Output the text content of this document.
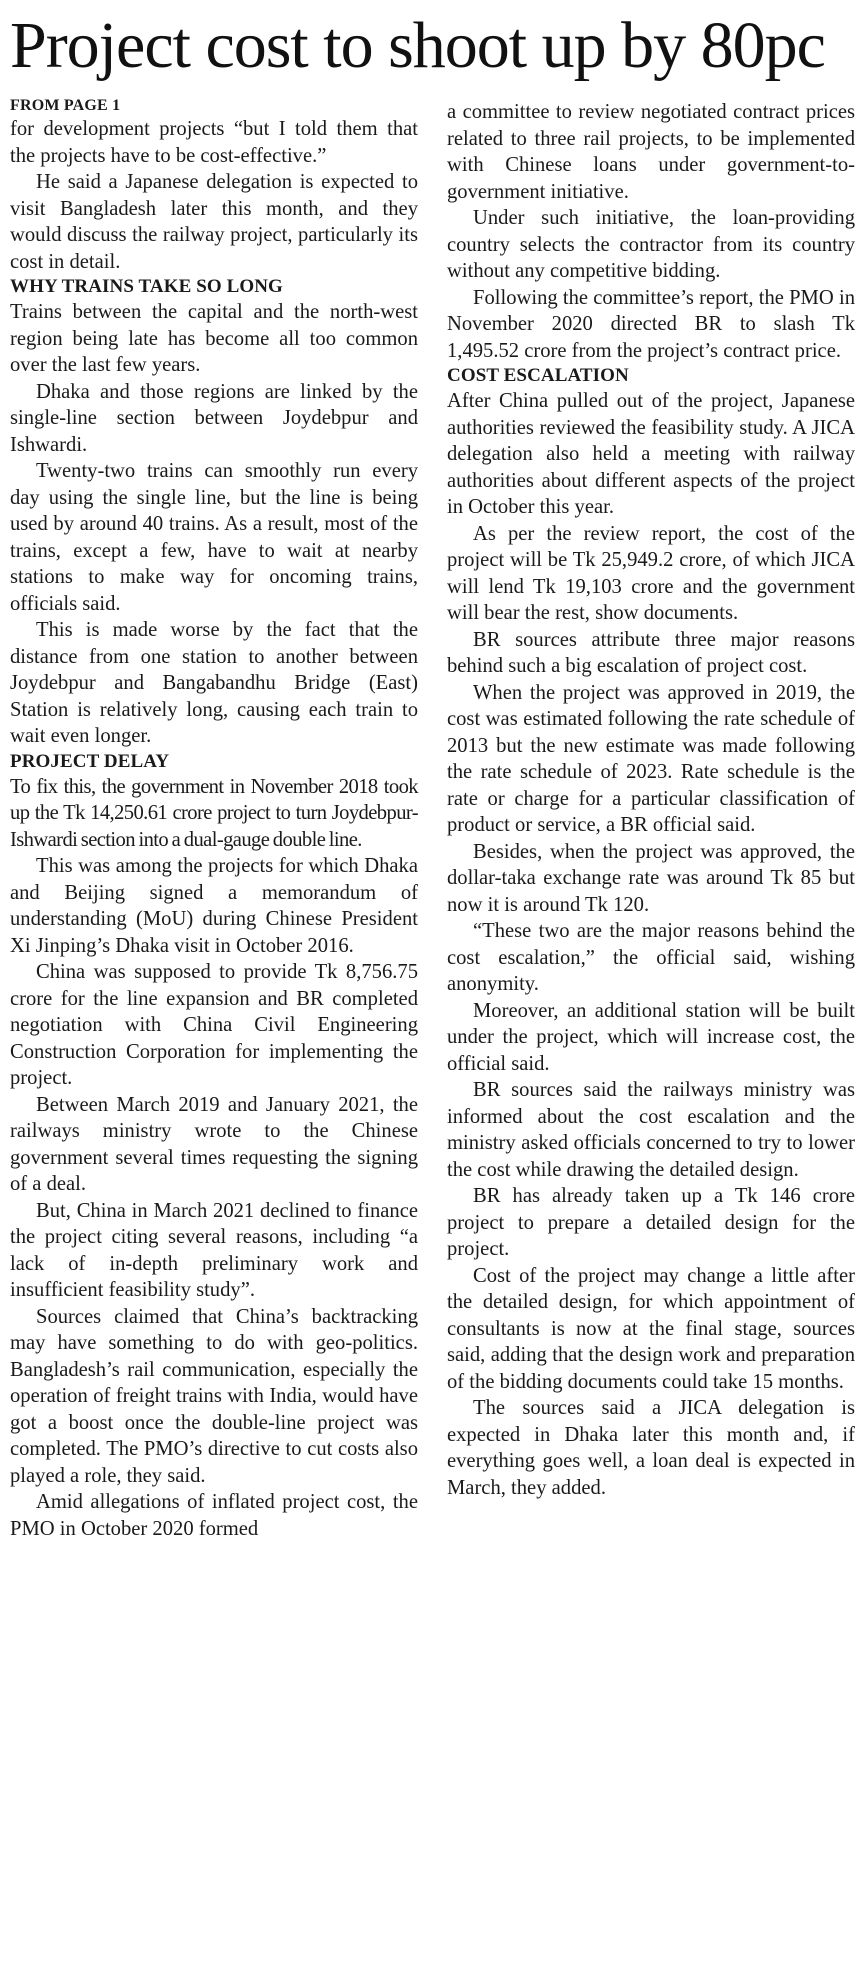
Project cost to shoot up by 80pc
FROM PAGE 1

for development projects “but I told them that the projects have to be cost-effective.”

He said a Japanese delegation is expected to visit Bangladesh later this month, and they would discuss the railway project, particularly its cost in detail.

WHY TRAINS TAKE SO LONG

Trains between the capital and the north-west region being late has become all too common over the last few years.

Dhaka and those regions are linked by the single-line section between Joydebpur and Ishwardi.

Twenty-two trains can smoothly run every day using the single line, but the line is being used by around 40 trains. As a result, most of the trains, except a few, have to wait at nearby stations to make way for oncoming trains, officials said.

This is made worse by the fact that the distance from one station to another between Joydebpur and Bangabandhu Bridge (East) Station is relatively long, causing each train to wait even longer.

PROJECT DELAY

To fix this, the government in November 2018 took up the Tk 14,250.61 crore project to turn Joydebpur-Ishwardi section into a dual-gauge double line.

This was among the projects for which Dhaka and Beijing signed a memorandum of understanding (MoU) during Chinese President Xi Jinping’s Dhaka visit in October 2016.

China was supposed to provide Tk 8,756.75 crore for the line expansion and BR completed negotiation with China Civil Engineering Construction Corporation for implementing the project.

Between March 2019 and January 2021, the railways ministry wrote to the Chinese government several times requesting the signing of a deal.

But, China in March 2021 declined to finance the project citing several reasons, including “a lack of in-depth preliminary work and insufficient feasibility study”.

Sources claimed that China’s backtracking may have something to do with geo-politics. Bangladesh’s rail communication, especially the operation of freight trains with India, would have got a boost once the double-line project was completed. The PMO’s directive to cut costs also played a role, they said.

Amid allegations of inflated project cost, the PMO in October 2020 formed

a committee to review negotiated contract prices related to three rail projects, to be implemented with Chinese loans under government-to-government initiative.

Under such initiative, the loan-providing country selects the contractor from its country without any competitive bidding.

Following the committee’s report, the PMO in November 2020 directed BR to slash Tk 1,495.52 crore from the project’s contract price.

COST ESCALATION

After China pulled out of the project, Japanese authorities reviewed the feasibility study. A JICA delegation also held a meeting with railway authorities about different aspects of the project in October this year.

As per the review report, the cost of the project will be Tk 25,949.2 crore, of which JICA will lend Tk 19,103 crore and the government will bear the rest, show documents.

BR sources attribute three major reasons behind such a big escalation of project cost.

When the project was approved in 2019, the cost was estimated following the rate schedule of 2013 but the new estimate was made following the rate schedule of 2023. Rate schedule is the rate or charge for a particular classification of product or service, a BR official said.

Besides, when the project was approved, the dollar-taka exchange rate was around Tk 85 but now it is around Tk 120.

“These two are the major reasons behind the cost escalation,” the official said, wishing anonymity.

Moreover, an additional station will be built under the project, which will increase cost, the official said.

BR sources said the railways ministry was informed about the cost escalation and the ministry asked officials concerned to try to lower the cost while drawing the detailed design.

BR has already taken up a Tk 146 crore project to prepare a detailed design for the project.

Cost of the project may change a little after the detailed design, for which appointment of consultants is now at the final stage, sources said, adding that the design work and preparation of the bidding documents could take 15 months.

The sources said a JICA delegation is expected in Dhaka later this month and, if everything goes well, a loan deal is expected in March, they added.
